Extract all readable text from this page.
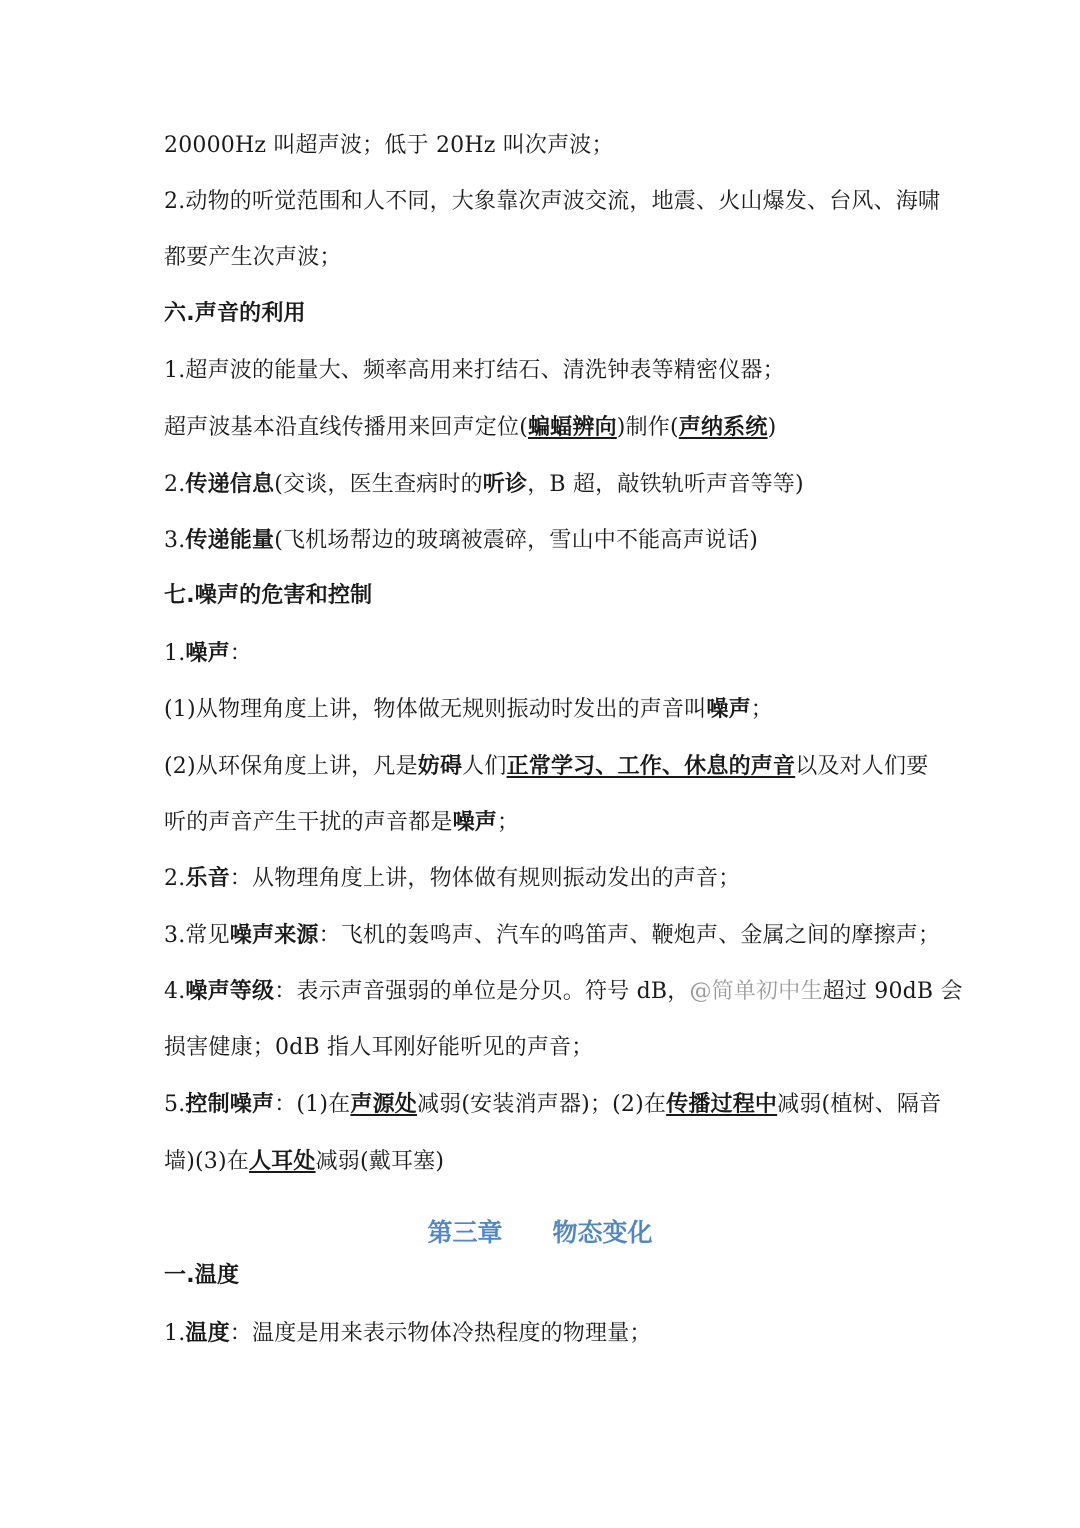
20000Hz 叫超声波；低于 20Hz 叫次声波；
2.动物的听觉范围和人不同，大象靠次声波交流，地震、火山爆发、台风、海啸
都要产生次声波；
六.声音的利用
1.超声波的能量大、频率高用来打结石、清洗钟表等精密仪器；
超声波基本沿直线传播用来回声定位(蝙蝠辨向)制作(声纳系统)
2.传递信息(交谈，医生查病时的听诊，B 超，敲铁轨听声音等等)
3.传递能量(飞机场帮边的玻璃被震碎，雪山中不能高声说话)
七.噪声的危害和控制
1.噪声：
(1)从物理角度上讲，物体做无规则振动时发出的声音叫噪声；
(2)从环保角度上讲，凡是妨碍人们正常学习、工作、休息的声音以及对人们要
听的声音产生干扰的声音都是噪声；
2.乐音：从物理角度上讲，物体做有规则振动发出的声音；
3.常见噪声来源：飞机的轰鸣声、汽车的鸣笛声、鞭炮声、金属之间的摩擦声；
4.噪声等级：表示声音强弱的单位是分贝。符号 dB，@简单初中生超过 90dB 会
损害健康；0dB 指人耳刚好能听见的声音；
5.控制噪声：(1)在声源处减弱(安装消声器)；(2)在传播过程中减弱(植树、隔音
墙)(3)在人耳处减弱(戴耳塞)
第三章 物态变化
一.温度
1.温度：温度是用来表示物体冷热程度的物理量；
